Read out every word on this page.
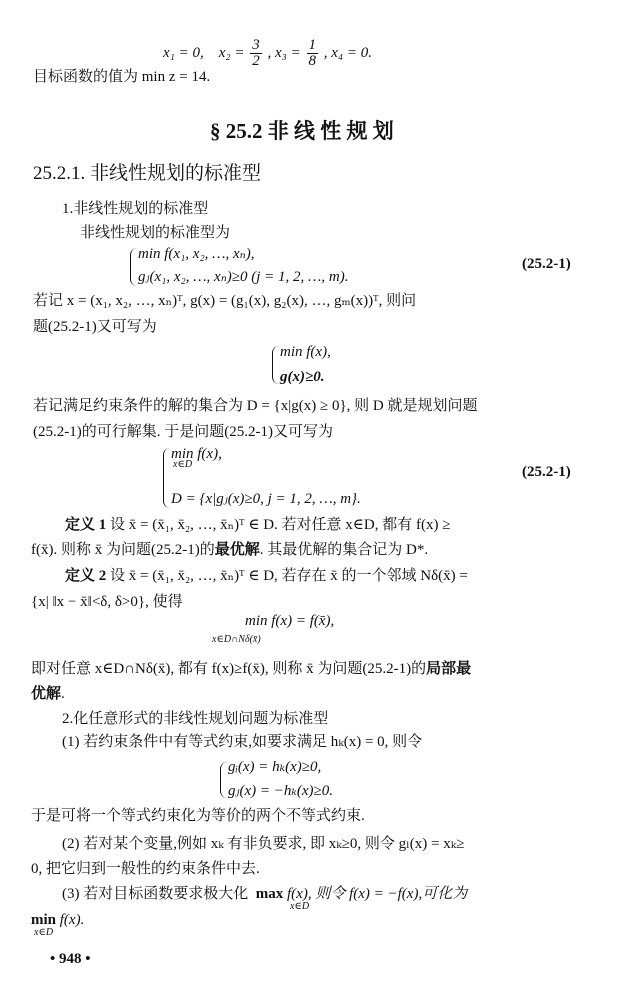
x₁ = 0, $x_2 = \frac{3}{2}$ , $x_3 = \frac{1}{8}$ , x₄ = 0.
目标函数的值为 min z = 14.
§ 25.2 非 线 性 规 划
25.2.1. 非线性规划的标准型
1.非线性规划的标准型
非线性规划的标准型为
min f(x₁, x₂, …, xₙ),
gⱼ(x₁, x₂, …, xₙ)≥0 (j = 1, 2, …, m).
(25.2-1)
若记 x = (x₁, x₂, …, xₙ)ᵀ, g(x) = (g₁(x), g₂(x), …, gₘ(x))ᵀ, 则问
题(25.2-1)又可写为
min f(x),
g(x)≥0.
若记满足约束条件的解的集合为 D = {x|g(x) ≥ 0}, 则 D 就是规划问题
(25.2-1)的可行解集. 于是问题(25.2-1)又可写为
min f(x),
x∈D
D = {x|gⱼ(x)≥0, j = 1, 2, …, m}.
(25.2-1)
定义 1 设 x̄ = (x̄₁, x̄₂, …, x̄ₙ)ᵀ ∈ D. 若对任意 x∈D, 都有 f(x) ≥
f(x̄). 则称 x̄ 为问题(25.2-1)的最优解. 其最优解的集合记为 D*.
定义 2 设 x̄ = (x̄₁, x̄₂, …, x̄ₙ)ᵀ ∈ D, 若存在 x̄ 的一个邻域 Nδ(x̄) =
{x| ‖x − x̄‖<δ, δ>0}, 使得
min f(x) = f(x̄),
x∈D∩Nδ(x̄)
即对任意 x∈D∩Nδ(x̄), 都有 f(x)≥f(x̄), 则称 x̄ 为问题(25.2-1)的局部最
优解.
2.化任意形式的非线性规划问题为标准型
(1) 若约束条件中有等式约束,如要求满足 hₖ(x) = 0, 则令
gᵢ(x) = hₖ(x)≥0,
gⱼ(x) = −hₖ(x)≥0.
于是可将一个等式约束化为等价的两个不等式约束.
(2) 若对某个变量,例如 xₖ 有非负要求, 即 xₖ≥0, 则令 gₗ(x) = xₖ≥
0, 把它归到一般性的约束条件中去.
(3) 若对目标函数要求极大化 max f(x), 则令 f(x) = −f(x),可化为
x∈D
min f(x).
x∈D
• 948 •
